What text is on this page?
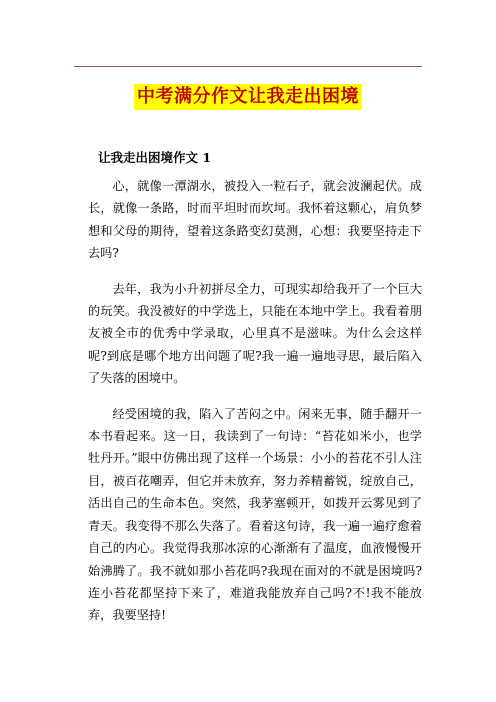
中考满分作文让我走出困境
让我走出困境作文 1

心，就像一潭湖水，被投入一粒石子，就会波澜起伏。成长，就像一条路，时而平坦时而坎坷。我怀着这颗心，肩负梦想和父母的期待，望着这条路变幻莫测，心想：我要坚持走下去吗?

去年，我为小升初拼尽全力，可现实却给我开了一个巨大的玩笑。我没被好的中学选上，只能在本地中学上。我看着朋友被全市的优秀中学录取，心里真不是滋味。为什么会这样呢?到底是哪个地方出问题了呢?我一遍一遍地寻思，最后陷入了失落的困境中。

经受困境的我，陷入了苦闷之中。闲来无事，随手翻开一本书看起来。这一日，我读到了一句诗：“苔花如米小，也学牡丹开。”眼中仿佛出现了这样一个场景：小小的苔花不引人注目，被百花嘲弄，但它并未放弃，努力养精蓄锐，绽放自己，活出自己的生命本色。突然，我茅塞顿开，如拨开云雾见到了青天。我变得不那么失落了。看着这句诗，我一遍一遍疗愈着自己的内心。我觉得我那冰凉的心渐渐有了温度，血液慢慢开始沸腾了。我不就如那小苔花吗?我现在面对的不就是困境吗?连小苔花都坚持下来了，难道我能放弃自己吗?不!我不能放弃，我要坚持!
